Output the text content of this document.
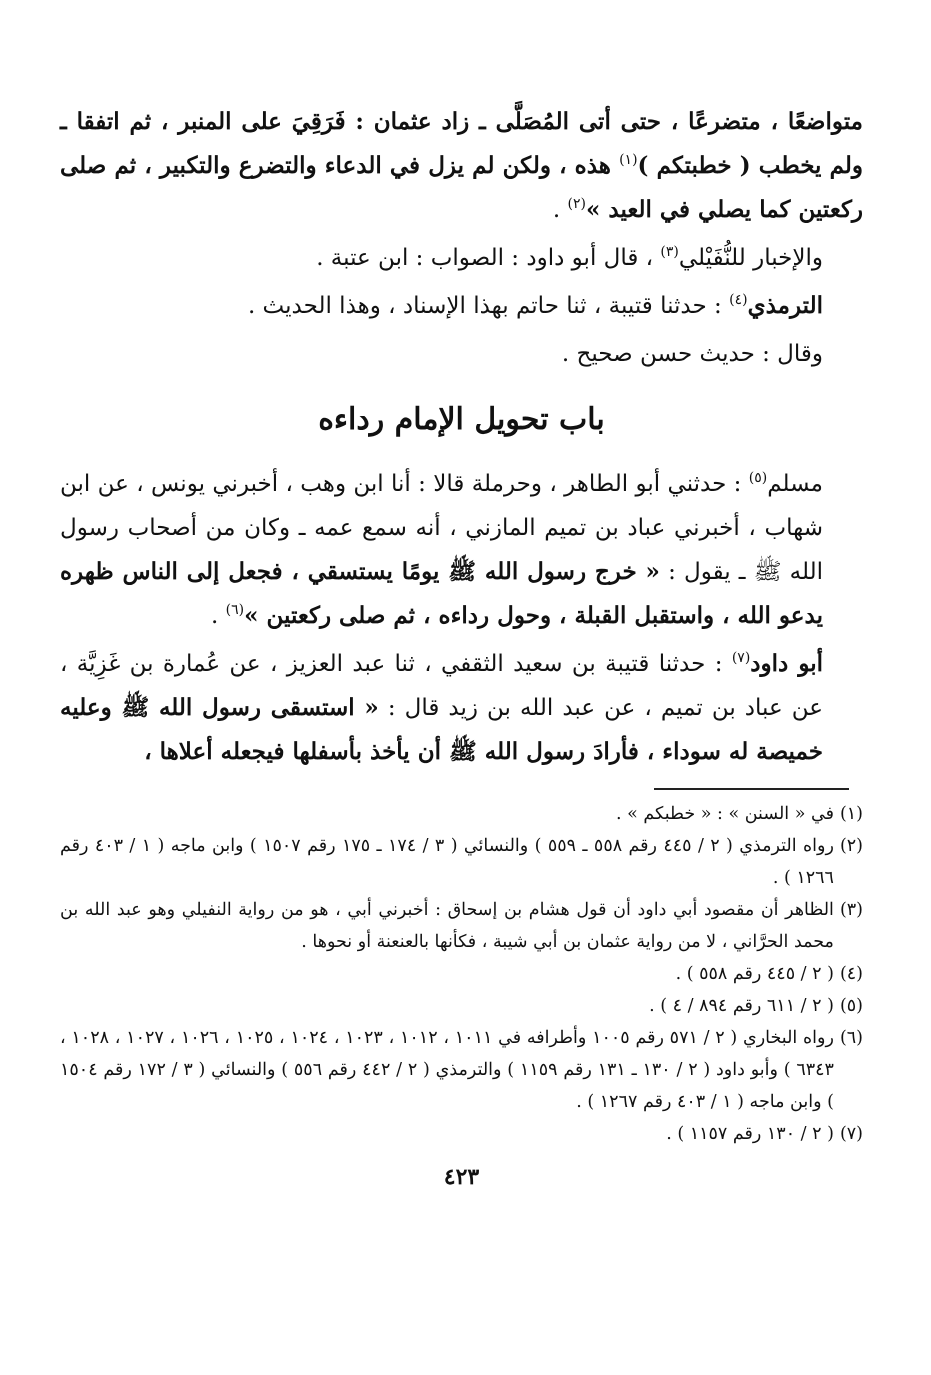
متواضعًا ، متضرعًا ، حتى أتى المُصَلَّى ـ زاد عثمان : فَرَقِيَ على المنبر ، ثم اتفقا ـ ولم يخطب ( خطبتكم )$^{(١)}$ هذه ، ولكن لم يزل في الدعاء والتضرع والتكبير ، ثم صلى ركعتين كما يصلي في العيد »$^{(٢)}$ .

والإخبار للنُّفَيْلي$^{(٣)}$ ، قال أبو داود : الصواب : ابن عتبة .

الترمذي$^{(٤)}$ : حدثنا قتيبة ، ثنا حاتم بهذا الإسناد ، وهذا الحديث .

وقال : حديث حسن صحيح .

باب تحويل الإمام رداءه

مسلم$^{(٥)}$ : حدثني أبو الطاهر ، وحرملة قالا : أنا ابن وهب ، أخبرني يونس ، عن ابن شهاب ، أخبرني عباد بن تميم المازني ، أنه سمع عمه ـ وكان من أصحاب رسول الله ﷺ ـ يقول : « خرج رسول الله ﷺ يومًا يستسقي ، فجعل إلى الناس ظهره يدعو الله ، واستقبل القبلة ، وحول رداءه ، ثم صلى ركعتين »$^{(٦)}$ .

أبو داود$^{(٧)}$ : حدثنا قتيبة بن سعيد الثقفي ، ثنا عبد العزيز ، عن عُمارة بن غَزِيَّة ، عن عباد بن تميم ، عن عبد الله بن زيد قال : « استسقى رسول الله ﷺ وعليه خميصة له سوداء ، فأرادَ رسول الله ﷺ أن يأخذ بأسفلها فيجعله أعلاها ،

(١)
في « السنن » : « خطبكم » .
(٢)
رواه الترمذي ( ٢ / ٤٤٥ رقم ٥٥٨ ـ ٥٥٩ ) والنسائي ( ٣ / ١٧٤ ـ ١٧٥ رقم ١٥٠٧ ) وابن ماجه ( ١ / ٤٠٣ رقم ١٢٦٦ ) .
(٣)
الظاهر أن مقصود أبي داود أن قول هشام بن إسحاق : أخبرني أبي ، هو من رواية النفيلي وهو عبد الله بن محمد الحرَّاني ، لا من رواية عثمان بن أبي شيبة ، فكأنها بالعنعنة أو نحوها .
(٤)
( ٢ / ٤٤٥ رقم ٥٥٨ ) .
(٥)
( ٢ / ٦١١ رقم ٨٩٤ / ٤ ) .
(٦)
رواه البخاري ( ٢ / ٥٧١ رقم ١٠٠٥ وأطرافه في ١٠١١ ، ١٠١٢ ، ١٠٢٣ ، ١٠٢٤ ، ١٠٢٥ ، ١٠٢٦ ، ١٠٢٧ ، ١٠٢٨ ، ٦٣٤٣ ) وأبو داود ( ٢ / ١٣٠ ـ ١٣١ رقم ١١٥٩ ) والترمذي ( ٢ / ٤٤٢ رقم ٥٥٦ ) والنسائي ( ٣ / ١٧٢ رقم ١٥٠٤ ) وابن ماجه ( ١ / ٤٠٣ رقم ١٢٦٧ ) .
(٧)
( ٢ / ١٣٠ رقم ١١٥٧ ) .
٤٢٣
